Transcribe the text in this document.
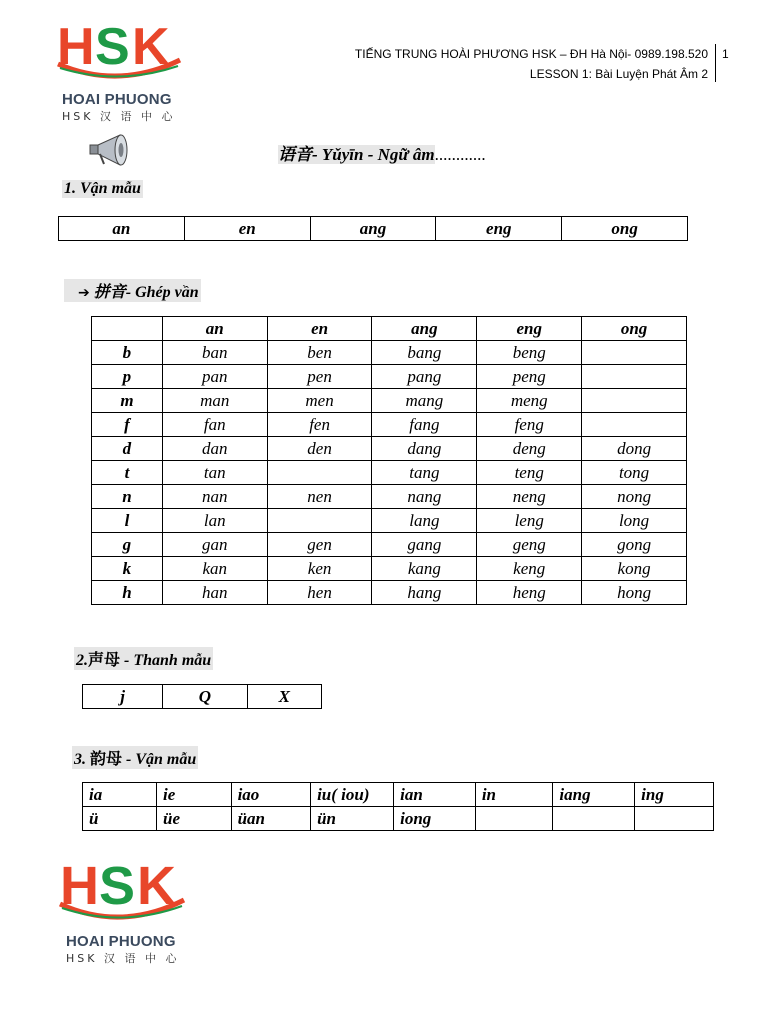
TIẾNG TRUNG HOÀI PHƯƠNG HSK – ĐH Hà Nội- 0989.198.520
LESSON 1: Bài Luyện Phát Âm 2
1
H S K
HOAI PHUONG
HSK 汉 语 中 心
语音- Yǔyīn - Ngữ âm............
1. Vận mẫu
an	en	ang	eng	ong
➔ 拼音- Ghép vần
	an	en	ang	eng	ong
b	ban	ben	bang	beng	
p	pan	pen	pang	peng	
m	man	men	mang	meng	
f	fan	fen	fang	feng	
d	dan	den	dang	deng	dong
t	tan		tang	teng	tong
n	nan	nen	nang	neng	nong
l	lan		lang	leng	long
g	gan	gen	gang	geng	gong
k	kan	ken	kang	keng	kong
h	han	hen	hang	heng	hong
2.声母 - Thanh mẫu
j	Q	X
3. 韵母 - Vận mẫu
ia	ie	iao	iu( iou)	ian	in	iang	ing
ü	üe	üan	ün	iong			
H S K
HOAI PHUONG
HSK 汉 语 中 心
